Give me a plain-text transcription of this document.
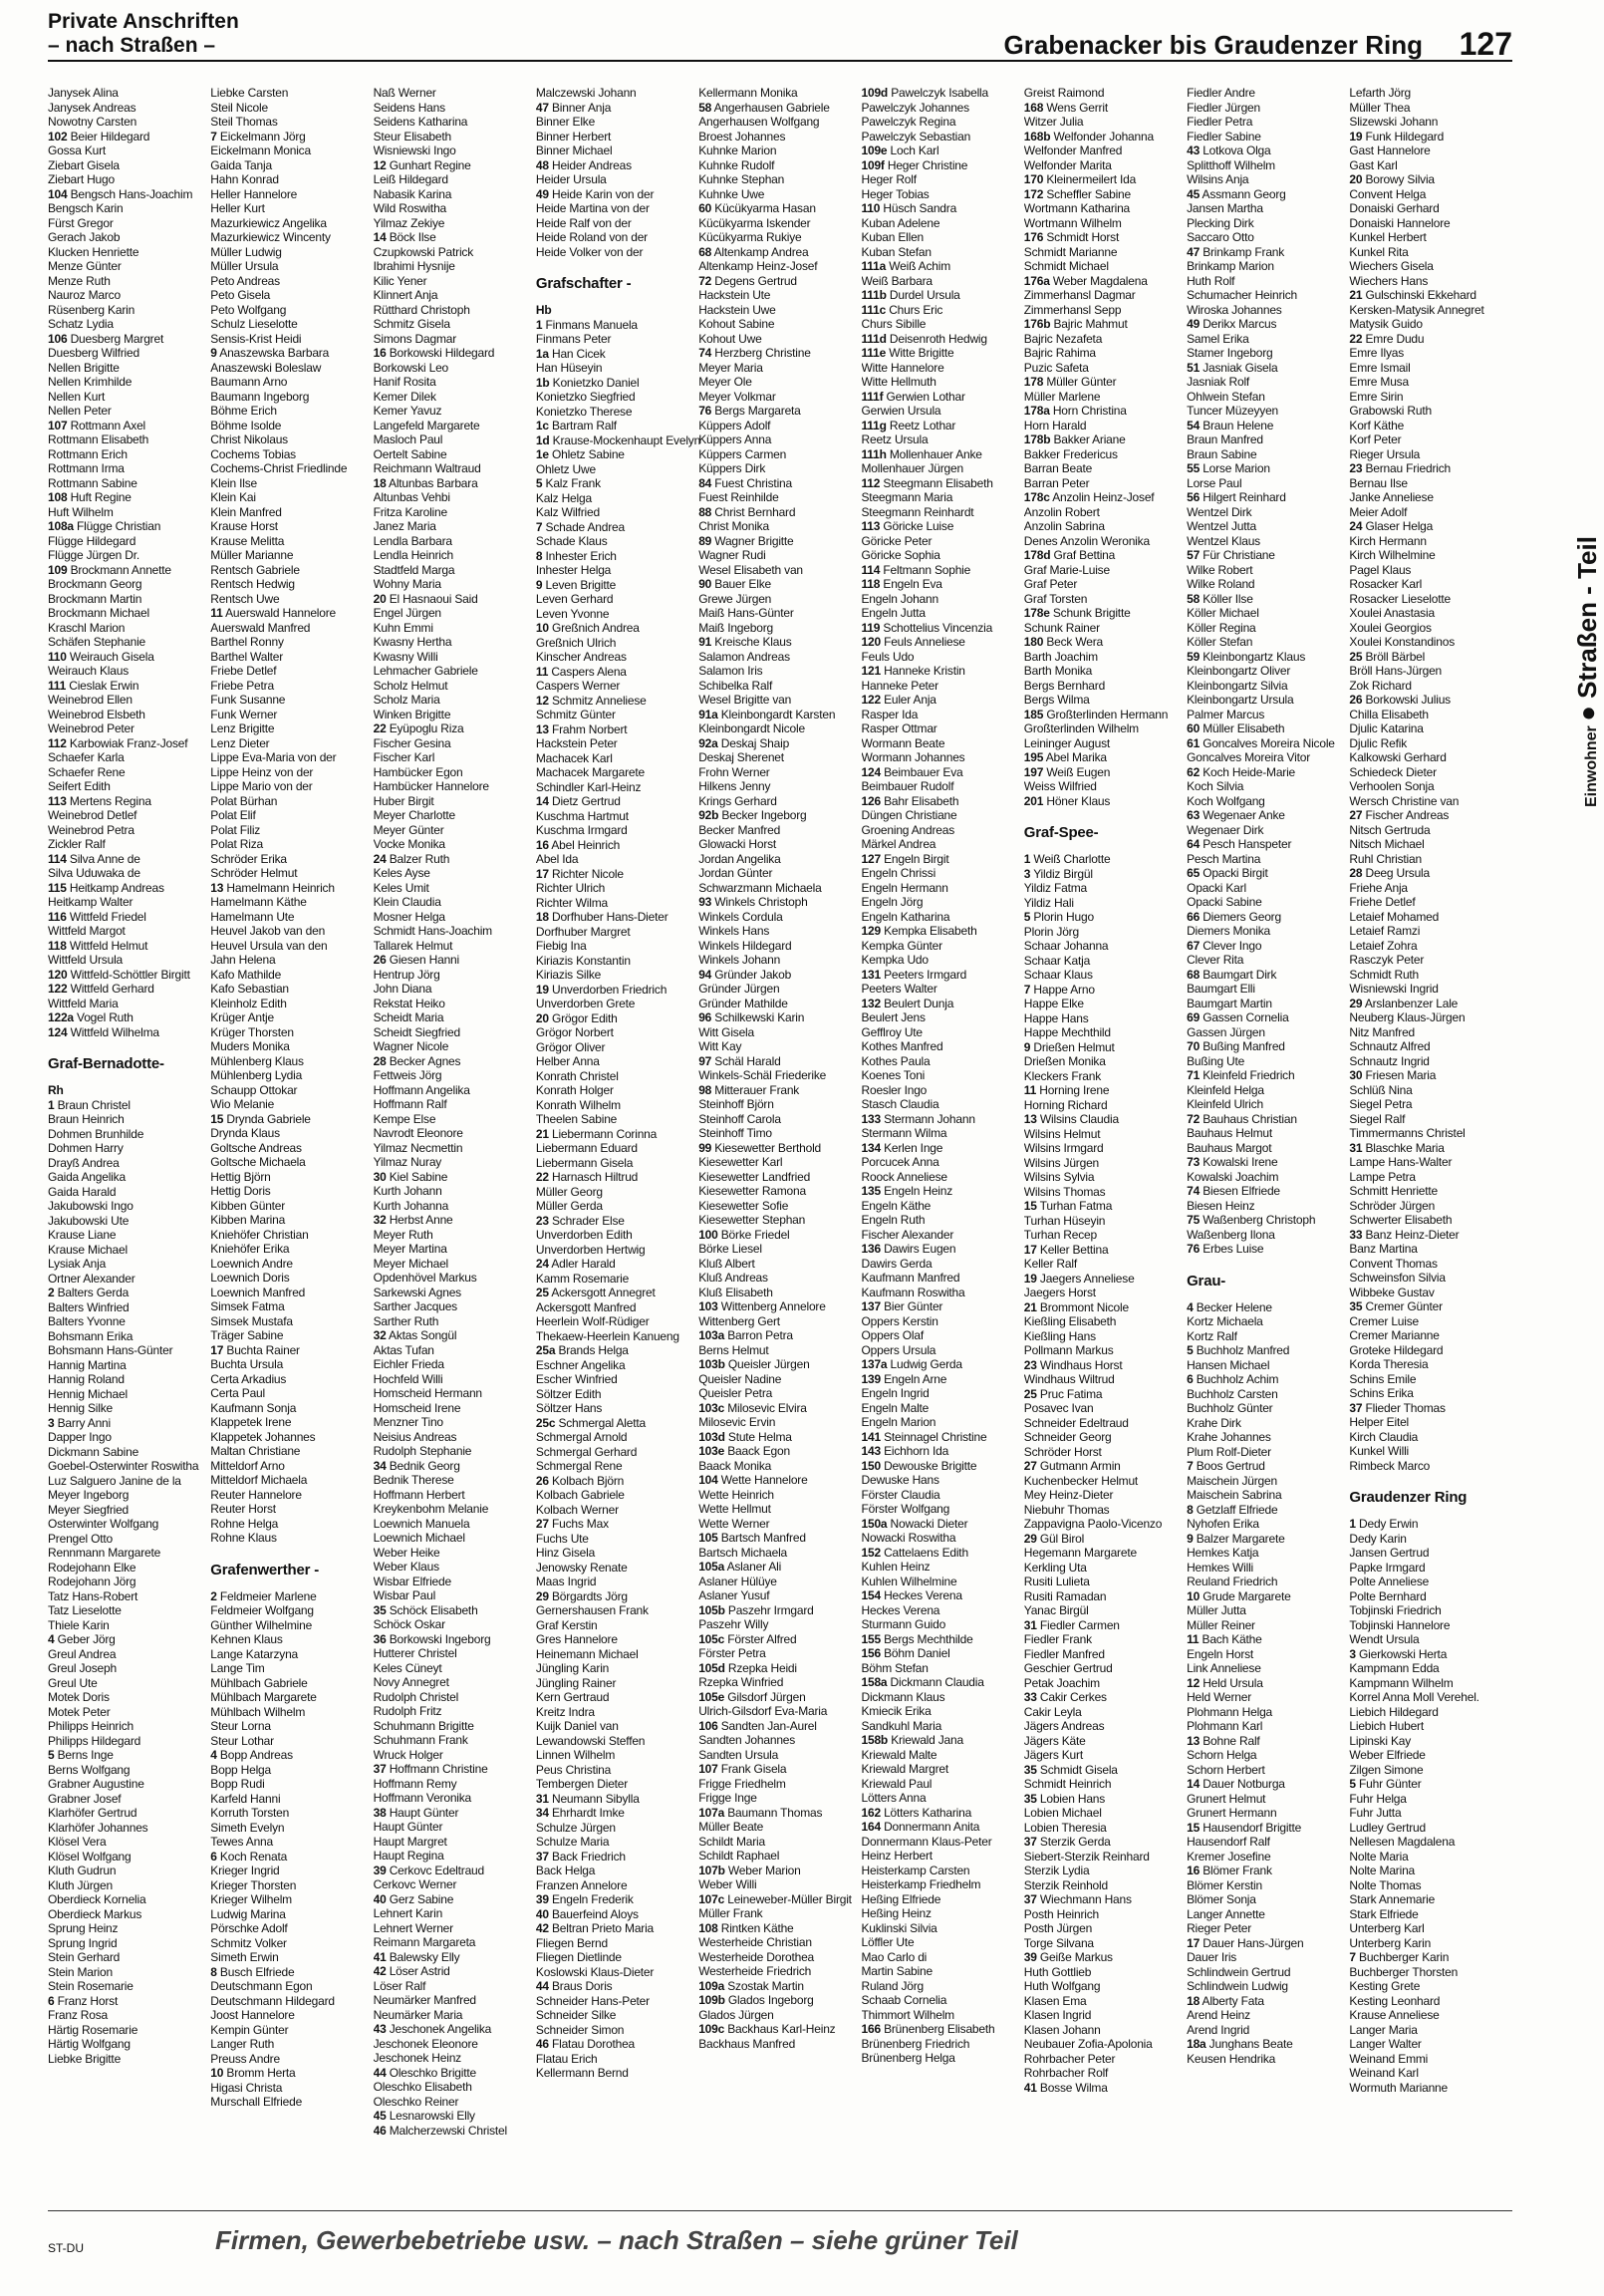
Private Anschriften
– nach Straßen –	Grabenacker bis Graudenzer Ring 127
Janysek Alina
Janysek Andreas
Nowotny Carsten
102 Beier Hildegard
Gossa Kurt
Ziebart Gisela
Ziebart Hugo
104 Bengsch Hans-Joachim
Bengsch Karin
Fürst Gregor
Gerach Jakob
Klucken Henriette
Menze Günter
Menze Ruth
Nauroz Marco
Rüsenberg Karin
Schatz Lydia
106 Duesberg Margret
Duesberg Wilfried
Nellen Brigitte
Nellen Krimhilde
Nellen Kurt
Nellen Peter
107 Rottmann Axel
Rottmann Elisabeth
Rottmann Erich
Rottmann Irma
Rottmann Sabine
108 Huft Regine
Huft Wilhelm
108a Flügge Christian
Flügge Hildegard
Flügge Jürgen Dr.
109 Brockmann Annette
Brockmann Georg
Brockmann Martin
Brockmann Michael
Kraschl Marion
Schäfen Stephanie
110 Weirauch Gisela
Weirauch Klaus
111 Cieslak Erwin
Weinebrod Ellen
Weinebrod Elsbeth
Weinebrod Peter
112 Karbowiak Franz-Josef
Schaefer Karla
Schaefer Rene
Seifert Edith
113 Mertens Regina
Weinebrod Detlef
Weinebrod Petra
Zickler Ralf
114 Silva Anne de
Silva Uduwaka de
115 Heitkamp Andreas
Heitkamp Walter
116 Wittfeld Friedel
Wittfeld Margot
118 Wittfeld Helmut
Wittfeld Ursula
120 Wittfeld-Schöttler Birgitt
122 Wittfeld Gerhard
Wittfeld Maria
122a Vogel Ruth
124 Wittfeld Wilhelma
Graf-Bernadotte-
Rh
1 Braun Christel
Braun Heinrich
Dohmen Brunhilde
Dohmen Harry
Drayß Andrea
Gaida Angelika
Gaida Harald
Jakubowski Ingo
Jakubowski Ute
Krause Liane
Krause Michael
Lysiak Anja
Ortner Alexander
2 Balters Gerda
Balters Winfried
Balters Yvonne
Bohsmann Erika
Bohsmann Hans-Günter
Hannig Martina
Hannig Roland
Hennig Michael
Hennig Silke
3 Barry Anni
Dapper Ingo
Dickmann Sabine
Goebel-Osterwinter Roswitha
Luz Salguero Janine de la
Meyer Ingeborg
Meyer Siegfried
Osterwinter Wolfgang
Prengel Otto
Rennmann Margarete
Rodejohann Elke
Rodejohann Jörg
Tatz Hans-Robert
Tatz Lieselotte
Thiele Karin
4 Geber Jörg
Greul Andrea
Greul Joseph
Greul Ute
Motek Doris
Motek Peter
Philipps Heinrich
Philipps Hildegard
5 Berns Inge
Berns Wolfgang
Grabner Augustine
Grabner Josef
Klarhöfer Gertrud
Klarhöfer Johannes
Klösel Vera
Klösel Wolfgang
Kluth Gudrun
Kluth Jürgen
Oberdieck Kornelia
Oberdieck Markus
Sprung Heinz
Sprung Ingrid
Stein Gerhard
Stein Marion
Stein Rosemarie
6 Franz Horst
Franz Rosa
Härtig Rosemarie
Härtig Wolfgang
Liebke Brigitte
Liebke Carsten
Steil Nicole
Steil Thomas
7 Eickelmann Jörg
Eickelmann Monica
Gaida Tanja
Hahn Konrad
Heller Hannelore
Heller Kurt
Mazurkiewicz Angelika
Mazurkiewicz Wincenty
Müller Ludwig
Müller Ursula
Peto Andreas
Peto Gisela
Peto Wolfgang
Schulz Lieselotte
Sensis-Krist Heidi
9 Anaszewska Barbara
Anaszewski Boleslaw
Baumann Arno
Baumann Ingeborg
Böhme Erich
Böhme Isolde
Christ Nikolaus
Cochems Tobias
Cochems-Christ Friedlinde
Klein Ilse
Klein Kai
Klein Manfred
Krause Horst
Krause Melitta
Müller Marianne
Rentsch Gabriele
Rentsch Hedwig
Rentsch Uwe
11 Auerswald Hannelore
Auerswald Manfred
Barthel Ronny
Barthel Walter
Friebe Detlef
Friebe Petra
Funk Susanne
Funk Werner
Lenz Brigitte
Lenz Dieter
Lippe Eva-Maria von der
Lippe Heinz von der
Lippe Mario von der
Polat Bürhan
Polat Elif
Polat Filiz
Polat Riza
Schröder Erika
Schröder Helmut
13 Hamelmann Heinrich
Hamelmann Käthe
Hamelmann Ute
Heuvel Jakob van den
Heuvel Ursula van den
Jahn Helena
Kafo Mathilde
Kafo Sebastian
Kleinholz Edith
Krüger Antje
Krüger Thorsten
Muders Monika
Mühlenberg Klaus
Mühlenberg Lydia
Schaupp Ottokar
Wio Melanie
15 Drynda Gabriele
Drynda Klaus
Goltsche Andreas
Goltsche Michaela
Hettig Björn
Hettig Doris
Kibben Günter
Kibben Marina
Kniehöfer Christian
Kniehöfer Erika
Loewnich Andre
Loewnich Doris
Loewnich Manfred
Simsek Fatma
Simsek Mustafa
Träger Sabine
17 Buchta Rainer
Buchta Ursula
Certa Arkadius
Certa Paul
Kaufmann Sonja
Klappetek Irene
Klappetek Johannes
Maltan Christiane
Mitteldorf Arno
Mitteldorf Michaela
Reuter Hannelore
Reuter Horst
Rohne Helga
Rohne Klaus
Grafenwerther -
2 Feldmeier Marlene
Feldmeier Wolfgang
Günther Wilhelmine
Kehnen Klaus
Lange Katarzyna
Lange Tim
Mühlbach Gabriele
Mühlbach Margarete
Mühlbach Wilhelm
Steur Lorna
Steur Lothar
4 Bopp Andreas
Bopp Helga
Bopp Rudi
Karfeld Hanni
Korruth Torsten
Simeth Evelyn
Tewes Anna
6 Koch Renata
Krieger Ingrid
Krieger Thorsten
Krieger Wilhelm
Ludwig Marina
Pörschke Adolf
Schmitz Volker
Simeth Erwin
8 Busch Elfriede
Deutschmann Egon
Deutschmann Hildegard
Joost Hannelore
Kempin Günter
Langer Ruth
Preuss Andre
10 Bromm Herta
Higasi Christa
Murschall Elfriede
Naß Werner
Seidens Hans
Seidens Katharina
Steur Elisabeth
Wisniewski Ingo
12 Gunhart Regine
Leiß Hildegard
Nabasik Karina
Wild Roswitha
Yilmaz Zekiye
14 Böck Ilse
Czupkowski Patrick
Ibrahimi Hysnije
Kilic Yener
Klinnert Anja
Rütthard Christoph
Schmitz Gisela
Simons Dagmar
16 Borkowski Hildegard
Borkowski Leo
Hanif Rosita
Kemer Dilek
Kemer Yavuz
Langefeld Margarete
Masloch Paul
Oertelt Sabine
Reichmann Waltraud
18 Altunbas Barbara
Altunbas Vehbi
Fritza Karoline
Janez Maria
Lendla Barbara
Lendla Heinrich
Stadtfeld Marga
Wohny Maria
20 El Hasnaoui Said
Engel Jürgen
Kuhn Emmi
Kwasny Hertha
Kwasny Willi
Lehmacher Gabriele
Scholz Helmut
Scholz Maria
Winken Brigitte
22 Eyüpoglu Riza
Fischer Gesina
Fischer Karl
Hambücker Egon
Hambücker Hannelore
Huber Birgit
Meyer Charlotte
Meyer Günter
Vocke Monika
24 Balzer Ruth
Keles Ayse
Keles Umit
Klein Claudia
Mosner Helga
Schmidt Hans-Joachim
Tallarek Helmut
26 Giesen Hanni
Hentrup Jörg
John Diana
Rekstat Heiko
Scheidt Maria
Scheidt Siegfried
Wagner Nicole
28 Becker Agnes
Fettweis Jörg
Hoffmann Angelika
Hoffmann Ralf
Kempe Else
Navrodt Eleonore
Yilmaz Necmettin
Yilmaz Nuray
30 Kiel Sabine
Kurth Johann
Kurth Johanna
32 Herbst Anne
Meyer Ruth
Meyer Martina
Meyer Michael
Opdenhövel Markus
Sarkewski Agnes
Sarther Jacques
Sarther Ruth
32 Aktas Songül
Aktas Tufan
Eichler Frieda
Hochfeld Willi
Homscheid Hermann
Homscheid Irene
Menzner Tino
Neisius Andreas
Rudolph Stephanie
34 Bednik Georg
Bednik Therese
Hoffmann Herbert
Kreykenbohm Melanie
Loewnich Manuela
Loewnich Michael
Weber Heike
Weber Klaus
Wisbar Elfriede
Wisbar Paul
35 Schöck Elisabeth
Schöck Oskar
36 Borkowski Ingeborg
Hutterer Christel
Keles Cüneyt
Novy Annegret
Rudolph Christel
Rudolph Fritz
Schuhmann Brigitte
Schuhmann Frank
Wruck Holger
37 Hoffmann Christine
Hoffmann Remy
Hoffmann Veronika
38 Haupt Günter
Haupt Günter
Haupt Margret
Haupt Regina
39 Cerkovc Edeltraud
Cerkovc Werner
40 Gerz Sabine
Lehnert Karin
Lehnert Werner
Reimann Margareta
41 Balewsky Elly
42 Löser Astrid
Löser Ralf
Neumärker Manfred
Neumärker Maria
43 Jeschonek Angelika
Jeschonek Eleonore
Jeschonek Heinz
44 Oleschko Brigitte
Oleschko Elisabeth
Oleschko Reiner
45 Lesnarowski Elly
46 Malcherzewski Christel
Malczewski Johann
47 Binner Anja
Binner Elke
Binner Herbert
Binner Michael
48 Heider Andreas
Heider Ursula
49 Heide Karin von der
Heide Martina von der
Heide Ralf von der
Heide Roland von der
Heide Volker von der
Grafschafter -
Hb
1 Finmans Manuela
Finmans Peter
1a Han Cicek
Han Hüseyin
1b Konietzko Daniel
Konietzko Siegfried
Konietzko Therese
1c Bartram Ralf
1d Krause-Mockenhaupt Evelyn
1e Ohletz Sabine
Ohletz Uwe
5 Kalz Frank
Kalz Helga
Kalz Wilfried
7 Schade Andrea
Schade Klaus
8 Inhester Erich
Inhester Helga
9 Leven Brigitte
Leven Gerhard
Leven Yvonne
10 Greßnich Andrea
Greßnich Ulrich
Kinscher Andreas
11 Caspers Alena
Caspers Werner
12 Schmitz Anneliese
Schmitz Günter
13 Frahm Norbert
Hackstein Peter
Machacek Karl
Machacek Margarete
Schindler Karl-Heinz
14 Dietz Gertrud
Kuschma Hartmut
Kuschma Irmgard
16 Abel Heinrich
Abel Ida
17 Richter Nicole
Richter Ulrich
Richter Wilma
18 Dorfhuber Hans-Dieter
Dorfhuber Margret
Fiebig Ina
Kiriazis Konstantin
Kiriazis Silke
19 Unverdorben Friedrich
Unverdorben Grete
20 Grögor Edith
Grögor Norbert
Grögor Oliver
Helber Anna
Konrath Christel
Konrath Holger
Konrath Wilhelm
Theelen Sabine
21 Liebermann Corinna
Liebermann Eduard
Liebermann Gisela
22 Harnasch Hiltrud
Müller Georg
Müller Gerda
23 Schrader Else
Unverdorben Edith
Unverdorben Hertwig
24 Adler Harald
Kamm Rosemarie
25 Ackersgott Annegret
Ackersgott Manfred
Heerlein Wolf-Rüdiger
Thekaew-Heerlein Kanueng
25a Brands Helga
Eschner Angelika
Escher Winfried
Söltzer Edith
Söltzer Hans
25c Schmergal Aletta
Schmergal Arnold
Schmergal Gerhard
Schmergal Rene
26 Kolbach Björn
Kolbach Gabriele
Kolbach Werner
27 Fuchs Max
Fuchs Ute
Hinz Gisela
Jenowsky Renate
Maas Ingrid
29 Börgardts Jörg
Gernershausen Frank
Graf Kerstin
Gres Hannelore
Heinemann Michael
Jüngling Karin
Jüngling Rainer
Kern Gertraud
Kreitz Indra
Kuijk Daniel van
Lewandowski Steffen
Linnen Wilhelm
Peus Christina
Tembergen Dieter
31 Neumann Sibylla
34 Ehrhardt Imke
Schulze Jürgen
Schulze Maria
37 Back Friedrich
Back Helga
Franzen Annelore
39 Engeln Frederik
40 Bauerfeind Aloys
42 Beltran Prieto Maria
Fliegen Bernd
Fliegen Dietlinde
Koslowski Klaus-Dieter
44 Braus Doris
Schneider Hans-Peter
Schneider Silke
Schneider Simon
46 Flatau Dorothea
Flatau Erich
Kellermann Bernd
Kellermann Monika
58 Angerhausen Gabriele
Angerhausen Wolfgang
Broest Johannes
Kuhnke Marion
Kuhnke Rudolf
Kuhnke Stephan
Kuhnke Uwe
60 Kücükyarma Hasan
Kücükyarma Iskender
Kücükyarma Rukiye
68 Altenkamp Andrea
Altenkamp Heinz-Josef
72 Degens Gertrud
Hackstein Ute
Hackstein Uwe
Kohout Sabine
Kohout Uwe
74 Herzberg Christine
Meyer Maria
Meyer Ole
Meyer Volkmar
76 Bergs Margareta
Küppers Adolf
Küppers Anna
Küppers Carmen
Küppers Dirk
84 Fuest Christina
Fuest Reinhilde
88 Christ Bernhard
Christ Monika
89 Wagner Brigitte
Wagner Rudi
Wesel Elisabeth van
90 Bauer Elke
Grewe Jürgen
Maiß Hans-Günter
Maiß Ingeborg
91 Kreische Klaus
Salamon Andreas
Salamon Iris
Schibelka Ralf
Wesel Brigitte van
91a Kleinbongardt Karsten
Kleinbongardt Nicole
92a Deskaj Shaip
Deskaj Sherenet
Frohn Werner
Hilkens Jenny
Krings Gerhard
92b Becker Ingeborg
Becker Manfred
Glowacki Horst
Jordan Angelika
Jordan Günter
Schwarzmann Michaela
93 Winkels Christoph
Winkels Cordula
Winkels Hans
Winkels Hildegard
Winkels Johann
94 Gründer Jakob
Gründer Jürgen
Gründer Mathilde
96 Schilkewski Karin
Witt Gisela
Witt Kay
97 Schäl Harald
Winkels-Schäl Friederike
98 Mitterauer Frank
Steinhoff Björn
Steinhoff Carola
Steinhoff Timo
99 Kiesewetter Berthold
Kiesewetter Karl
Kiesewetter Landfried
Kiesewetter Ramona
Kiesewetter Sofie
Kiesewetter Stephan
100 Börke Friedel
Börke Liesel
Kluß Albert
Kluß Andreas
Kluß Elisabeth
103 Wittenberg Annelore
Wittenberg Gert
103a Barron Petra
Berns Helmut
103b Queisler Jürgen
Queisler Nadine
Queisler Petra
103c Milosevic Elvira
Milosevic Ervin
103d Stute Helma
103e Baack Egon
Baack Monika
104 Wette Hannelore
Wette Heinrich
Wette Hellmut
Wette Werner
105 Bartsch Manfred
Bartsch Michaela
105a Aslaner Ali
Aslaner Hülüye
Aslaner Yusuf
105b Paszehr Irmgard
Paszehr Willy
105c Förster Alfred
Förster Petra
105d Rzepka Heidi
Rzepka Winfried
105e Gilsdorf Jürgen
Ulrich-Gilsdorf Eva-Maria
106 Sandten Jan-Aurel
Sandten Johannes
Sandten Ursula
107 Frank Gisela
Frigge Friedhelm
Frigge Inge
107a Baumann Thomas
Müller Beate
Schildt Maria
Schildt Raphael
107b Weber Marion
Weber Willi
107c Leineweber-Müller Birgit
Müller Frank
108 Rintken Käthe
Westerheide Christian
Westerheide Dorothea
Westerheide Friedrich
109a Szostak Martin
109b Glados Ingeborg
Glados Jürgen
109c Backhaus Karl-Heinz
Backhaus Manfred
109d Pawelczyk Isabella
Pawelczyk Johannes
Pawelczyk Regina
Pawelczyk Sebastian
109e Loch Karl
109f Heger Christine
Heger Rolf
Heger Tobias
110 Hüsch Sandra
Kuban Adelene
Kuban Ellen
Kuban Stefan
111a Weiß Achim
Weiß Barbara
111b Durdel Ursula
111c Churs Eric
Churs Sibille
111d Deisenroth Hedwig
111e Witte Brigitte
Witte Hannelore
Witte Hellmuth
111f Gerwien Lothar
Gerwien Ursula
111g Reetz Lothar
Reetz Ursula
111h Mollenhauer Anke
Mollenhauer Jürgen
112 Steegmann Elisabeth
Steegmann Maria
Steegmann Reinhardt
113 Göricke Luise
Göricke Peter
Göricke Sophia
114 Feltmann Sophie
118 Engeln Eva
Engeln Johann
Engeln Jutta
119 Schottelius Vincenzia
120 Feuls Anneliese
Feuls Udo
121 Hanneke Kristin
Hanneke Peter
122 Euler Anja
Rasper Ida
Rasper Ottmar
Wormann Beate
Wormann Johannes
124 Beimbauer Eva
Beimbauer Rudolf
126 Bahr Elisabeth
Düngen Christiane
Groening Andreas
Märkel Andrea
127 Engeln Birgit
Engeln Chrissi
Engeln Hermann
Engeln Jörg
Engeln Katharina
129 Kempka Elisabeth
Kempka Günter
Kempka Udo
131 Peeters Irmgard
Peeters Walter
132 Beulert Dunja
Beulert Jens
Gefflroy Ute
Kothes Manfred
Kothes Paula
Koenes Toni
Roesler Ingo
Stasch Claudia
133 Stermann Johann
Stermann Wilma
134 Kerlen Inge
Porcucek Anna
Roock Anneliese
135 Engeln Heinz
Engeln Käthe
Engeln Ruth
Fischer Alexander
136 Dawirs Eugen
Dawirs Gerda
Kaufmann Manfred
Kaufmann Roswitha
137 Bier Günter
Oppers Kerstin
Oppers Olaf
Oppers Ursula
137a Ludwig Gerda
139 Engeln Arne
Engeln Ingrid
Engeln Malte
Engeln Marion
141 Steinnagel Christine
143 Eichhorn Ida
150 Dewouske Brigitte
Dewuske Hans
Förster Claudia
Förster Wolfgang
150a Nowacki Dieter
Nowacki Roswitha
152 Cattelaens Edith
Kuhlen Heinz
Kuhlen Wilhelmine
154 Heckes Verena
Heckes Verena
Sturmann Guido
155 Bergs Mechthilde
156 Böhm Daniel
Böhm Stefan
158a Dickmann Claudia
Dickmann Klaus
Kmiecik Erika
Sandkuhl Maria
158b Kriewald Jana
Kriewald Malte
Kriewald Margret
Kriewald Paul
Lötters Anna
162 Lötters Katharina
164 Donnermann Anita
Donnermann Klaus-Peter
Heinz Herbert
Heisterkamp Carsten
Heisterkamp Friedhelm
Heßing Elfriede
Heßing Heinz
Kuklinski Silvia
Löffler Ute
Mao Carlo di
Martin Sabine
Ruland Jörg
Schaab Cornelia
Thimmort Wilhelm
166 Brünenberg Elisabeth
Brünenberg Friedrich
Brünenberg Helga
Greist Raimond
168 Wens Gerrit
Witzer Julia
168b Welfonder Johanna
Welfonder Manfred
Welfonder Marita
170 Kleinermeilert Ida
172 Scheffler Sabine
Wortmann Katharina
Wortmann Wilhelm
176 Schmidt Horst
Schmidt Marianne
Schmidt Michael
176a Weber Magdalena
Zimmerhansl Dagmar
Zimmerhansl Sepp
176b Bajric Mahmut
Bajric Nezafeta
Bajric Rahima
Puzic Safeta
178 Müller Günter
Müller Marlene
178a Horn Christina
Horn Harald
178b Bakker Ariane
Bakker Fredericus
Barran Beate
Barran Peter
178c Anzolin Heinz-Josef
Anzolin Robert
Anzolin Sabrina
Denes Anzolin Weronika
178d Graf Bettina
Graf Marie-Luise
Graf Peter
Graf Torsten
178e Schunk Brigitte
Schunk Rainer
180 Beck Wera
Barth Joachim
Barth Monika
Bergs Bernhard
Bergs Wilma
185 Großterlinden Hermann
Großterlinden Wilhelm
Leininger August
195 Abel Marika
197 Weiß Eugen
Weiss Wilfried
201 Höner Klaus
Graf-Spee-
1 Weiß Charlotte
3 Yildiz Birgül
Yildiz Fatma
Yildiz Hali
5 Plorin Hugo
Plorin Jörg
Schaar Johanna
Schaar Katja
Schaar Klaus
7 Happe Arno
Happe Elke
Happe Hans
Happe Mechthild
9 Drießen Helmut
Drießen Monika
Kleckers Frank
11 Horning Irene
Horning Richard
13 Wilsins Claudia
Wilsins Helmut
Wilsins Irmgard
Wilsins Jürgen
Wilsins Sylvia
Wilsins Thomas
15 Turhan Fatma
Turhan Hüseyin
Turhan Recep
17 Keller Bettina
Keller Ralf
19 Jaegers Anneliese
Jaegers Horst
21 Brommont Nicole
Kießling Elisabeth
Kießling Hans
Pollmann Markus
23 Windhaus Horst
Windhaus Wiltrud
25 Pruc Fatima
Posavec Ivan
Schneider Edeltraud
Schneider Georg
Schröder Horst
27 Gutmann Armin
Kuchenbecker Helmut
Mey Heinz-Dieter
Niebuhr Thomas
Zappavigna Paolo-Vicenzo
29 Gül Birol
Hegemann Margarete
Kerkling Uta
Rusiti Lulieta
Rusiti Ramadan
Yanac Birgül
31 Fiedler Carmen
Fiedler Frank
Fiedler Manfred
Geschier Gertrud
Petak Joachim
33 Cakir Cerkes
Cakir Leyla
Jägers Andreas
Jägers Käte
Jägers Kurt
35 Schmidt Gisela
Schmidt Heinrich
35 Lobien Hans
Lobien Michael
Lobien Theresia
37 Sterzik Gerda
Siebert-Sterzik Reinhard
Sterzik Lydia
Sterzik Reinhold
37 Wiechmann Hans
Posth Heinrich
Posth Jürgen
Torge Silvana
39 Geiße Markus
Huth Gottlieb
Huth Wolfgang
Klasen Ema
Klasen Ingrid
Klasen Johann
Neubauer Zofia-Apolonia
Rohrbacher Peter
Rohrbacher Rolf
41 Bosse Wilma
Fiedler Andre
Fiedler Jürgen
Fiedler Petra
Fiedler Sabine
43 Lotkova Olga
Splitthoff Wilhelm
Wilsins Anja
45 Assmann Georg
Jansen Martha
Plecking Dirk
Saccaro Otto
47 Brinkamp Frank
Brinkamp Marion
Huth Rolf
Schumacher Heinrich
Wiroska Johannes
49 Derikx Marcus
Samel Erika
Stamer Ingeborg
51 Jasniak Gisela
Jasniak Rolf
Ohlwein Stefan
Tuncer Müzeyyen
54 Braun Helene
Braun Manfred
Braun Sabine
55 Lorse Marion
Lorse Paul
56 Hilgert Reinhard
Wentzel Dirk
Wentzel Jutta
Wentzel Klaus
57 Für Christiane
Wilke Robert
Wilke Roland
58 Köller Ilse
Köller Michael
Köller Regina
Köller Stefan
59 Kleinbongartz Klaus
Kleinbongartz Oliver
Kleinbongartz Silvia
Kleinbongartz Ursula
Palmer Marcus
60 Müller Elisabeth
61 Goncalves Moreira Nicole
Goncalves Moreira Vitor
62 Koch Heide-Marie
Koch Silvia
Koch Wolfgang
63 Wegenaer Anke
Wegenaer Dirk
64 Pesch Hanspeter
Pesch Martina
65 Opacki Birgit
Opacki Karl
Opacki Sabine
66 Diemers Georg
Diemers Monika
67 Clever Ingo
Clever Rita
68 Baumgart Dirk
Baumgart Elli
Baumgart Martin
69 Gassen Cornelia
Gassen Jürgen
70 Bußing Manfred
Bußing Ute
71 Kleinfeld Friedrich
Kleinfeld Helga
Kleinfeld Ulrich
72 Bauhaus Christian
Bauhaus Helmut
Bauhaus Margot
73 Kowalski Irene
Kowalski Joachim
74 Biesen Elfriede
Biesen Heinz
75 Waßenberg Christoph
Waßenberg Ilona
76 Erbes Luise
Grau-
4 Becker Helene
Kortz Michaela
Kortz Ralf
5 Buchholz Manfred
Hansen Michael
6 Buchholz Achim
Buchholz Carsten
Buchholz Günter
Krahe Dirk
Krahe Johannes
Plum Rolf-Dieter
7 Boos Gertrud
Maischein Jürgen
Maischein Sabrina
8 Getzlaff Elfriede
Nyhofen Erika
9 Balzer Margarete
Hemkes Katja
Hemkes Willi
Reuland Friedrich
10 Grude Margarete
Müller Jutta
Müller Reiner
11 Bach Käthe
Engeln Horst
Link Anneliese
12 Held Ursula
Held Werner
Plohmann Helga
Plohmann Karl
13 Bohne Ralf
Schorn Helga
Schorn Herbert
14 Dauer Notburga
Grunert Helmut
Grunert Hermann
15 Hausendorf Brigitte
Hausendorf Ralf
Kremer Josefine
16 Blömer Frank
Blömer Kerstin
Blömer Sonja
Langer Annette
Rieger Peter
17 Dauer Hans-Jürgen
Dauer Iris
Schlindwein Gertrud
Schlindwein Ludwig
18 Alberty Fata
Arend Heinz
Arend Ingrid
18a Junghans Beate
Keusen Hendrika
Lefarth Jörg
Müller Thea
Slizewski Johann
19 Funk Hildegard
Gast Hannelore
Gast Karl
20 Borowy Silvia
Convent Helga
Donaiski Gerhard
Donaiski Hannelore
Kunkel Herbert
Kunkel Rita
Wiechers Gisela
Wiechers Hans
21 Gulschinski Ekkehard
Kersken-Matysik Annegret
Matysik Guido
22 Emre Dudu
Emre Ilyas
Emre Ismail
Emre Musa
Emre Sirin
Grabowski Ruth
Korf Käthe
Korf Peter
Rieger Ursula
23 Bernau Friedrich
Bernau Ilse
Janke Anneliese
Meier Adolf
24 Glaser Helga
Kirch Hermann
Kirch Wilhelmine
Pagel Klaus
Rosacker Karl
Rosacker Lieselotte
Xoulei Anastasia
Xoulei Georgios
Xoulei Konstandinos
25 Bröll Bärbel
Bröll Hans-Jürgen
Zok Richard
26 Borkowski Julius
Chilla Elisabeth
Djulic Katarina
Djulic Refik
Kalkowski Gerhard
Schiedeck Dieter
Verhoolen Sonja
Wersch Christine van
27 Fischer Andreas
Nitsch Gertruda
Nitsch Michael
Ruhl Christian
28 Deeg Ursula
Friehe Anja
Friehe Detlef
Letaief Mohamed
Letaief Ramzi
Letaief Zohra
Rasczyk Peter
Schmidt Ruth
Wisniewski Ingrid
29 Arslanbenzer Lale
Neuberg Klaus-Jürgen
Nitz Manfred
Schnautz Alfred
Schnautz Ingrid
30 Friesen Maria
Schlüß Nina
Siegel Petra
Siegel Ralf
Timmermanns Christel
31 Blaschke Maria
Lampe Hans-Walter
Lampe Petra
Schmitt Henriette
Schröder Jürgen
Schwerter Elisabeth
33 Banz Heinz-Dieter
Banz Martina
Convent Thomas
Schweinsfon Silvia
Wibbeke Gustav
35 Cremer Günter
Cremer Luise
Cremer Marianne
Groteke Hildegard
Korda Theresia
Schins Emile
Schins Erika
37 Flieder Thomas
Helper Eitel
Kirch Claudia
Kunkel Willi
Rimbeck Marco
Graudenzer Ring
1 Dedy Erwin
Dedy Karin
Jansen Gertrud
Papke Irmgard
Polte Anneliese
Polte Bernhard
Tobjinski Friedrich
Tobjinski Hannelore
Wendt Ursula
3 Gierkowski Herta
Kampmann Edda
Kampmann Wilhelm
Korrel Anna Moll Verehel.
Liebich Hildegard
Liebich Hubert
Lipinski Kay
Weber Elfriede
Zilgen Simone
5 Fuhr Günter
Fuhr Helga
Fuhr Jutta
Ludley Gertrud
Nellesen Magdalena
Nolte Maria
Nolte Marina
Nolte Thomas
Stark Annemarie
Stark Elfriede
Unterberg Karl
Unterberg Karin
7 Buchberger Karin
Buchberger Thorsten
Kesting Grete
Kesting Leonhard
Krause Anneliese
Langer Maria
Langer Walter
Weinand Emmi
Weinand Karl
Wormuth Marianne
Einwohner ● Straßen - Teil
ST-DU	Firmen, Gewerbebetriebe usw. – nach Straßen – siehe grüner Teil
